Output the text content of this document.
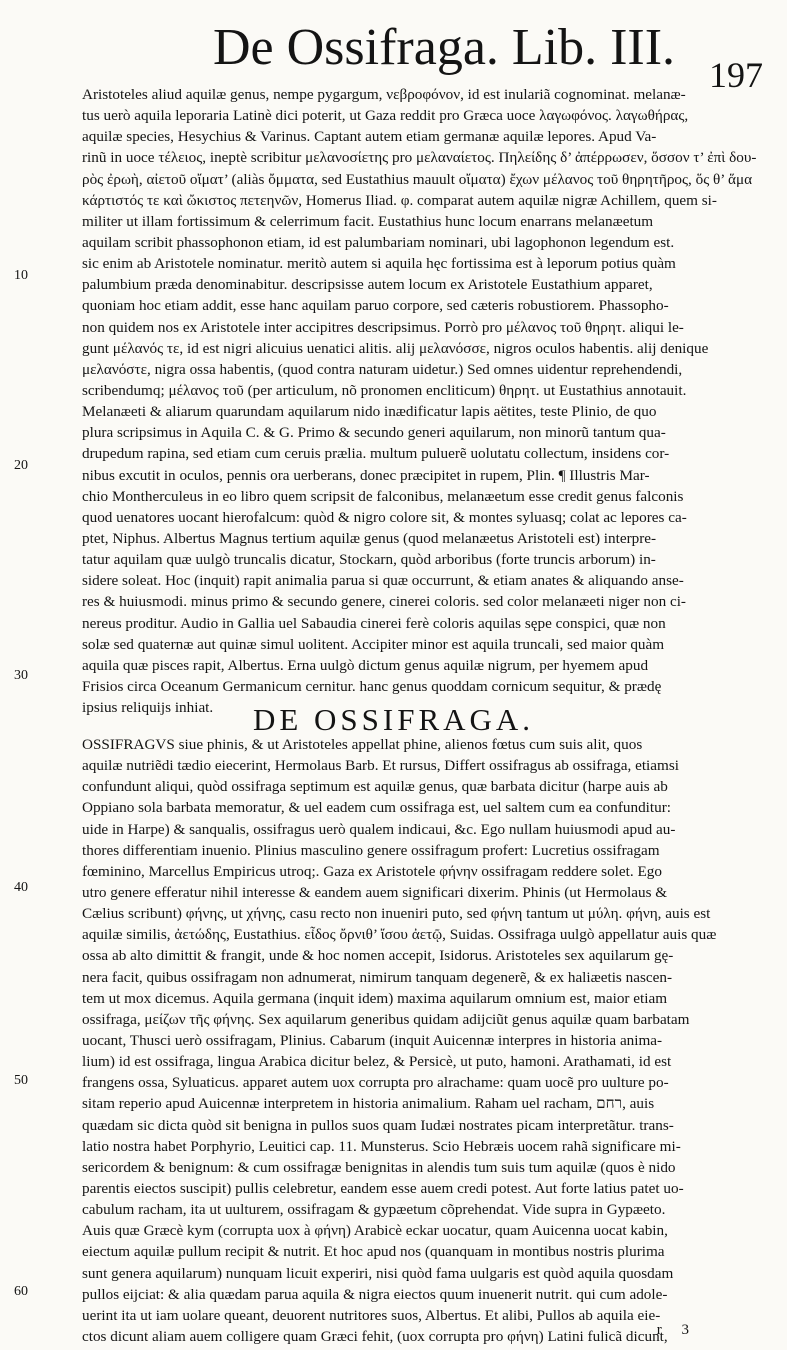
De Ossifraga. Lib. III. 197
Aristoteles aliud aquilæ genus, nempe pygargum, νεβροφόνον, id est inulariã cognominat. melanæ-
tus uerò aquila leporaria Latinè dici poterit, ut Gaza reddit pro Græca uoce λαγωφόνος. λαγωθήρας,
aquilæ species, Hesychius & Varinus. Captant autem etiam germanæ aquilæ lepores. Apud Va-
rinũ in uoce τέλειος, ineptè scribitur μελανοσίετης pro μελαναίετος. Πηλείδης δ’ ἀπέρρωσεν, ὅσσον τ’ ἐπὶ δου-
ρὸς ἐρωὴ, αἰετοῦ οἴματ’ (aliàs ὄμματα, sed Eustathius mauult οἴματα) ἔχων μέλανος τοῦ θηρητῆρος, ὅς θ’ ἅμα
κάρτιστός τε καὶ ὤκιστος πετεηνῶν, Homerus Iliad. φ. comparat autem aquilæ nigræ Achillem, quem si-
militer ut illam fortissimum & celerrimum facit. Eustathius hunc locum enarrans melanæetum
aquilam scribit phassophonon etiam, id est palumbariam nominari, ubi lagophonon legendum est.
sic enim ab Aristotele nominatur. meritò autem si aquila hęc fortissima est à leporum potius quàm
palumbium præda denominabitur. descripsisse autem locum ex Aristotele Eustathium apparet,
quoniam hoc etiam addit, esse hanc aquilam paruo corpore, sed cæteris robustiorem. Phassopho-
non quidem nos ex Aristotele inter accipitres descripsimus. Porrò pro μέλανος τοῦ θηρητ. aliqui le-
gunt μέλανός τε, id est nigri alicuius uenatici alitis. alij μελανόσσε, nigros oculos habentis. alij denique
μελανόστε, nigra ossa habentis, (quod contra naturam uidetur.) Sed omnes uidentur reprehendendi,
scribendumq; μέλανος τοῦ (per articulum, nõ pronomen encliticum) θηρητ. ut Eustathius annotauit.
Melanæeti & aliarum quarundam aquilarum nido inædificatur lapis aëtites, teste Plinio, de quo
plura scripsimus in Aquila C. & G. Primo & secundo generi aquilarum, non minorũ tantum qua-
drupedum rapina, sed etiam cum ceruis prælia. multum puluerẽ uolutatu collectum, insidens cor-
nibus excutit in oculos, pennis ora uerberans, donec præcipitet in rupem, Plin. ¶ Illustris Mar-
chio Montherculeus in eo libro quem scripsit de falconibus, melanæetum esse credit genus falconis
quod uenatores uocant hierofalcum: quòd & nigro colore sit, & montes syluasq; colat ac lepores ca-
ptet, Niphus. Albertus Magnus tertium aquilæ genus (quod melanæetus Aristoteli est) interpre-
tatur aquilam quæ uulgò truncalis dicatur, Stockarn, quòd arboribus (forte truncis arborum) in-
sidere soleat. Hoc (inquit) rapit animalia parua si quæ occurrunt, & etiam anates & aliquando anse-
res & huiusmodi. minus primo & secundo genere, cinerei coloris. sed color melanæeti niger non ci-
nereus proditur. Audio in Gallia uel Sabaudia cinerei ferè coloris aquilas sępe conspici, quæ non
solæ sed quaternæ aut quinæ simul uolitent. Accipiter minor est aquila truncali, sed maior quàm
aquila quæ pisces rapit, Albertus. Erna uulgò dictum genus aquilæ nigrum, per hyemem apud
Frisios circa Oceanum Germanicum cernitur. hanc genus quoddam cornicum sequitur, & prædę
ipsius reliquijs inhiat.	DE OSSIFRAGA.
OSSIFRAGVS siue phinis, & ut Aristoteles appellat phine, alienos fœtus cum suis alit, quos
aquilæ nutriẽdi tædio eiecerint, Hermolaus Barb. Et rursus, Differt ossifragus ab ossifraga, etiamsi
confundunt aliqui, quòd ossifraga septimum est aquilæ genus, quæ barbata dicitur (harpe auis ab
Oppiano sola barbata memoratur, & uel eadem cum ossifraga est, uel saltem cum ea confunditur:
uide in Harpe) & sanqualis, ossifragus uerò qualem indicaui, &c. Ego nullam huiusmodi apud au-
thores differentiam inuenio. Plinius masculino genere ossifragum profert: Lucretius ossifragam
fœminino, Marcellus Empiricus utroq;. Gaza ex Aristotele φήνην ossifragam reddere solet. Ego
utro genere efferatur nihil interesse & eandem auem significari dixerim. Phinis (ut Hermolaus &
Cælius scribunt) φήνης, ut χήνης, casu recto non inueniri puto, sed φήνη tantum ut μύλη. φήνη, auis est
aquilæ similis, ἀετώδης, Eustathius. εἶδος ὄρνιθ’ ἴσου ἀετῷ, Suidas. Ossifraga uulgò appellatur auis quæ
ossa ab alto dimittit & frangit, unde & hoc nomen accepit, Isidorus. Aristoteles sex aquilarum gę-
nera facit, quibus ossifragam non adnumerat, nimirum tanquam degenerẽ, & ex haliæetis nascen-
tem ut mox dicemus. Aquila germana (inquit idem) maxima aquilarum omnium est, maior etiam
ossifraga, μείζων τῆς φήνης. Sex aquilarum generibus quidam adijciũt genus aquilæ quam barbatam
uocant, Thusci uerò ossifragam, Plinius. Cabarum (inquit Auicennæ interpres in historia anima-
lium) id est ossifraga, lingua Arabica dicitur belez, & Persicè, ut puto, hamoni. Arathamati, id est
frangens ossa, Syluaticus. apparet autem uox corrupta pro alrachame: quam uocẽ pro uulture po-
sitam reperio apud Auicennæ interpretem in historia animalium. Raham uel racham, רחם, auis
quædam sic dicta quòd sit benigna in pullos suos quam Iudæi nostrates picam interpretãtur. trans-
latio nostra habet Porphyrio, Leuitici cap. 11. Munsterus. Scio Hebræis uocem rahã significare mi-
sericordem & benignum: & cum ossifragæ benignitas in alendis tum suis tum aquilæ (quos è nido
parentis eiectos suscipit) pullis celebretur, eandem esse auem credi potest. Aut forte latius patet uo-
cabulum racham, ita ut uulturem, ossifragam & gypæetum cõprehendat. Vide supra in Gypæeto.
Auis quæ Græcè kym (corrupta uox à φήνη) Arabicè eckar uocatur, quam Auicenna uocat kabin,
eiectum aquilæ pullum recipit & nutrit. Et hoc apud nos (quanquam in montibus nostris plurima
sunt genera aquilarum) nunquam licuit experiri, nisi quòd fama uulgaris est quòd aquila quosdam
pullos eijciat: & alia quædam parua aquila & nigra eiectos quum inuenerit nutrit. qui cum adole-
uerint ita ut iam uolare queant, deuorent nutritores suos, Albertus. Et alibi, Pullos ab aquila eie-
ctos dicunt aliam auem colligere quam Græci fehit, (uox corrupta pro φήνη) Latini fulicã dicunt,
10
20
30
40
50
60
r 3
